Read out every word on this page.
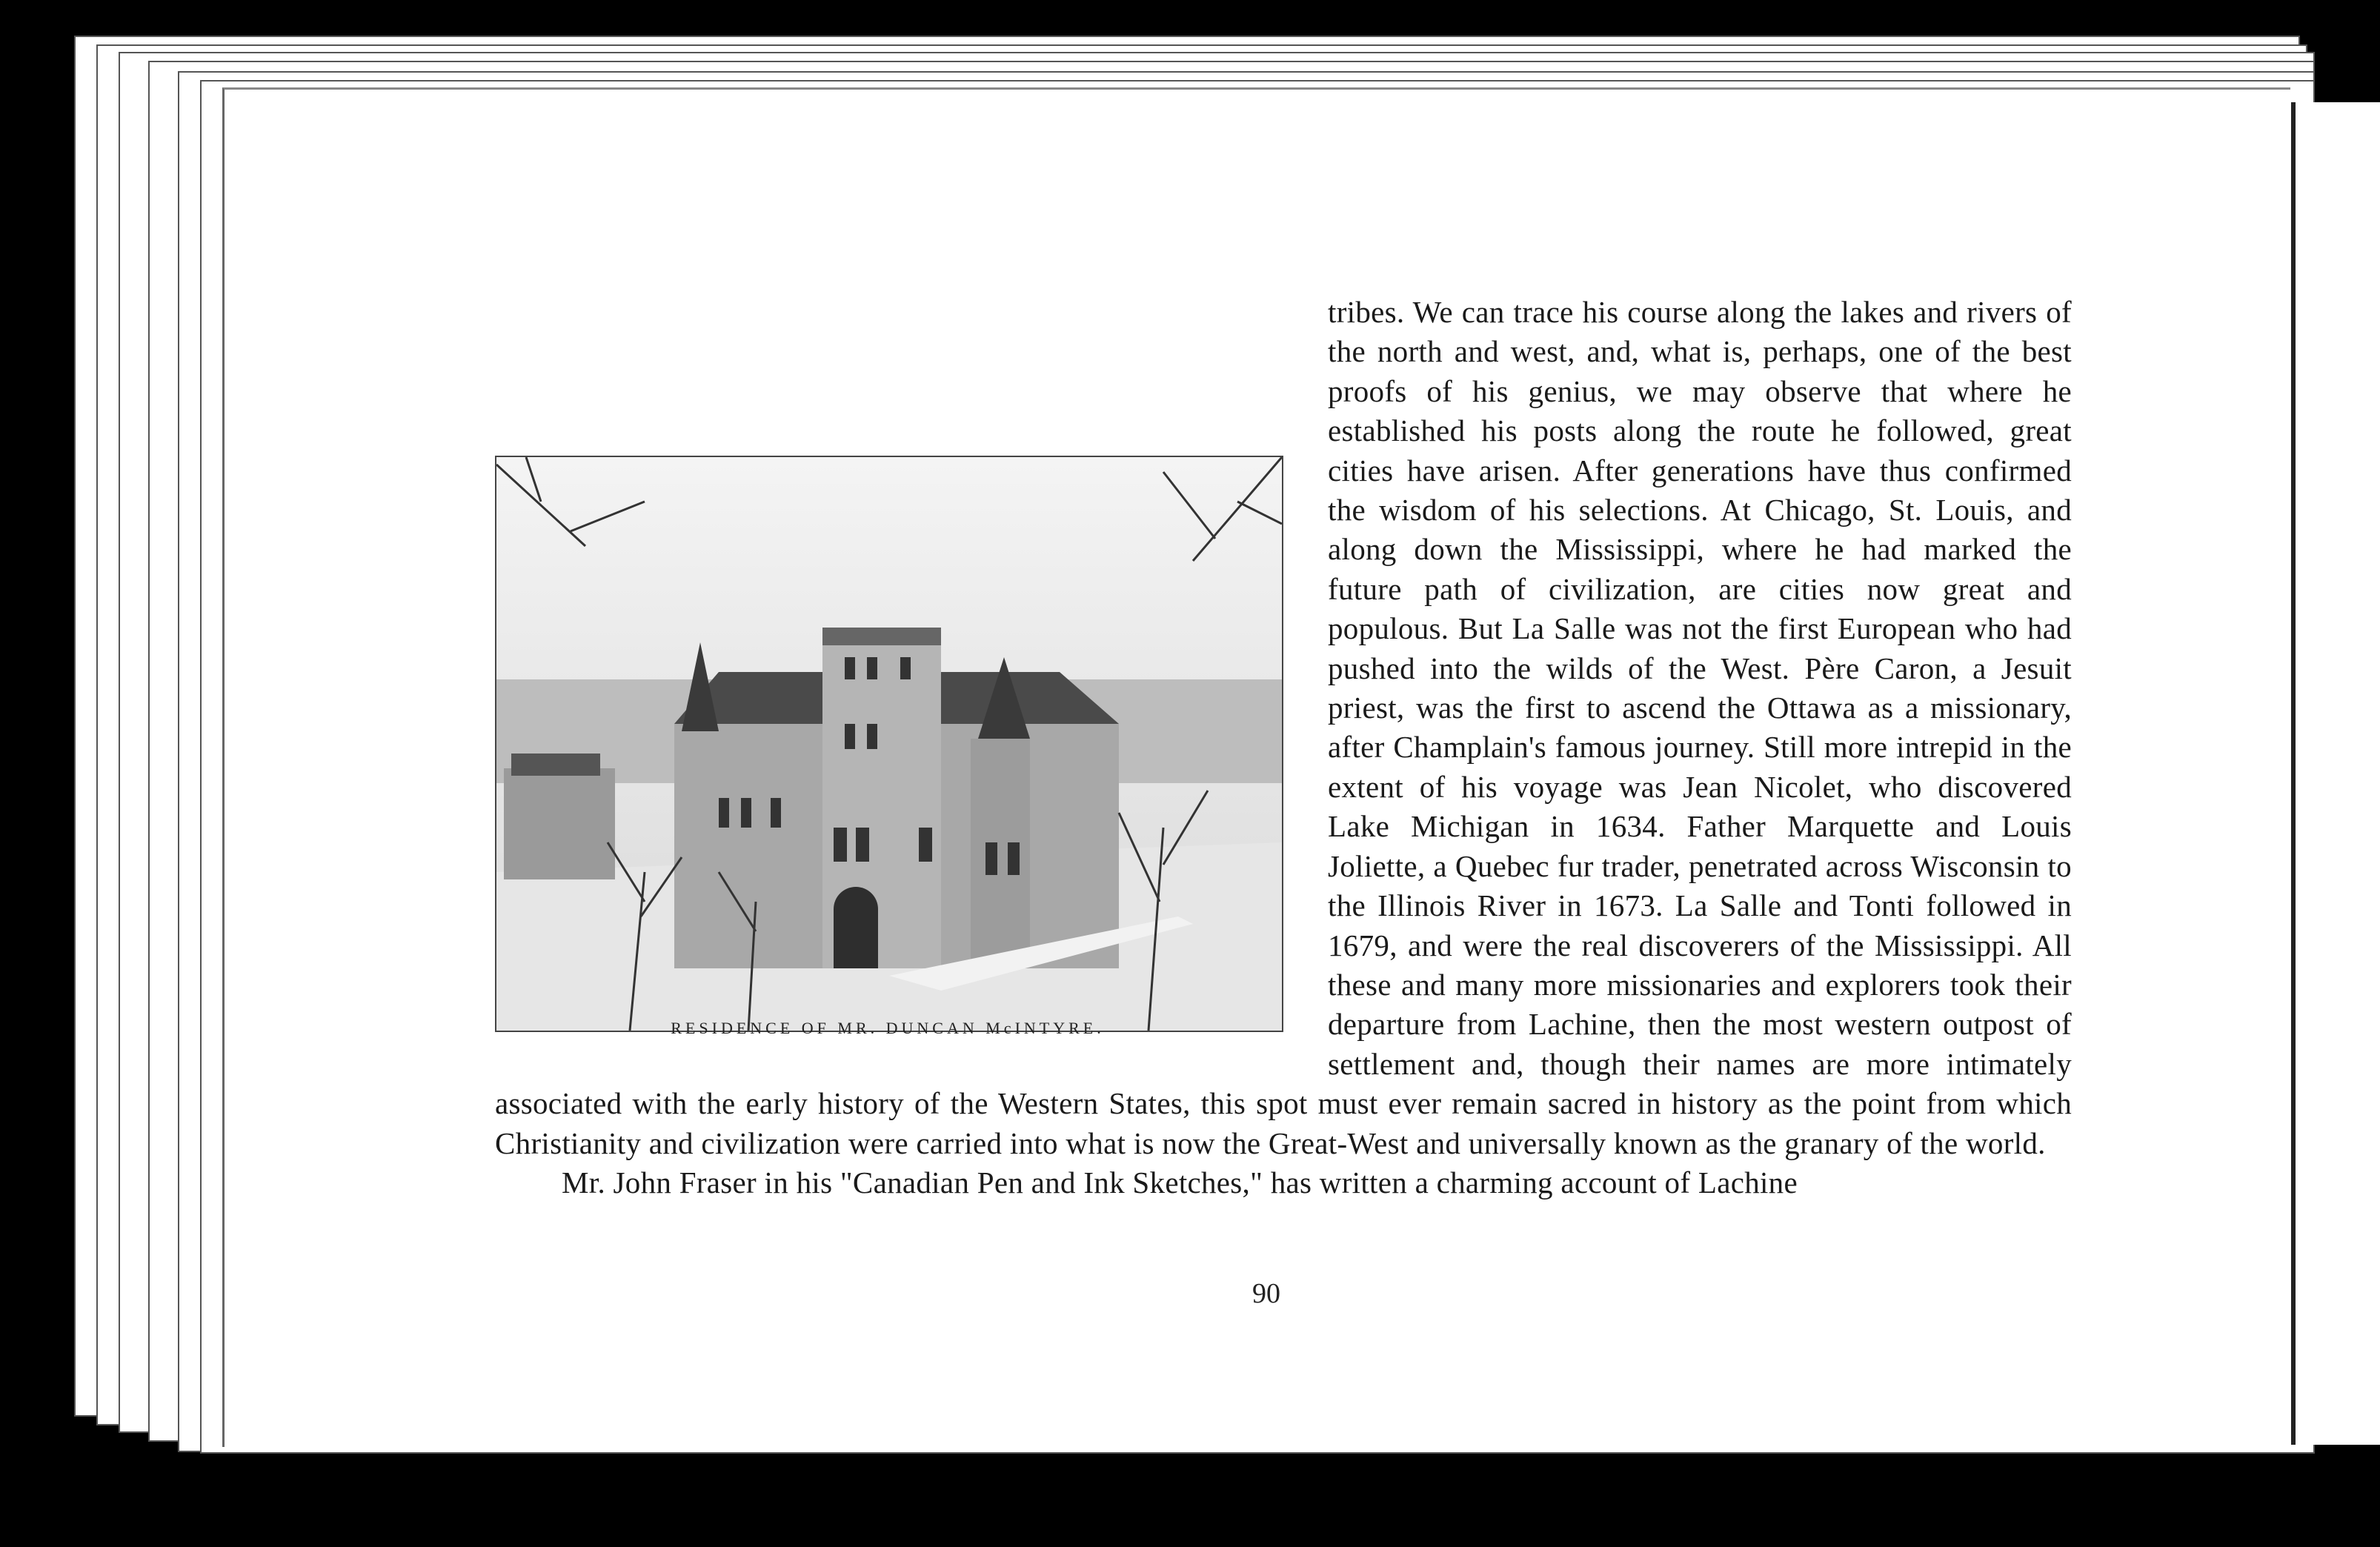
RESIDENCE OF MR. DUNCAN McINTYRE.

tribes. We can trace his course along the lakes and rivers of the north and west, and, what is, perhaps, one of the best proofs of his genius, we may observe that where he established his posts along the route he followed, great cities have arisen. After generations have thus confirmed the wisdom of his selections. At Chicago, St. Louis, and along down the Mississippi, where he had marked the future path of civilization, are cities now great and populous. But La Salle was not the first European who had pushed into the wilds of the West. Père Caron, a Jesuit priest, was the first to ascend the Ottawa as a missionary, after Champlain's famous journey. Still more intrepid in the extent of his voyage was Jean Nicolet, who discovered Lake Michigan in 1634. Father Marquette and Louis Joliette, a Quebec fur trader, penetrated across Wisconsin to the Illinois River in 1673. La Salle and Tonti followed in 1679, and were the real discoverers of the Mississippi. All these and many more missionaries and explorers took their departure from Lachine, then the most western outpost of settlement and, though their names are more intimately associated with the early history of the Western States, this spot must ever remain sacred in history as the point from which Christianity and civilization were carried into what is now the Great-West and universally known as the granary of the world.

Mr. John Fraser in his "Canadian Pen and Ink Sketches," has written a charming account of Lachine

90
